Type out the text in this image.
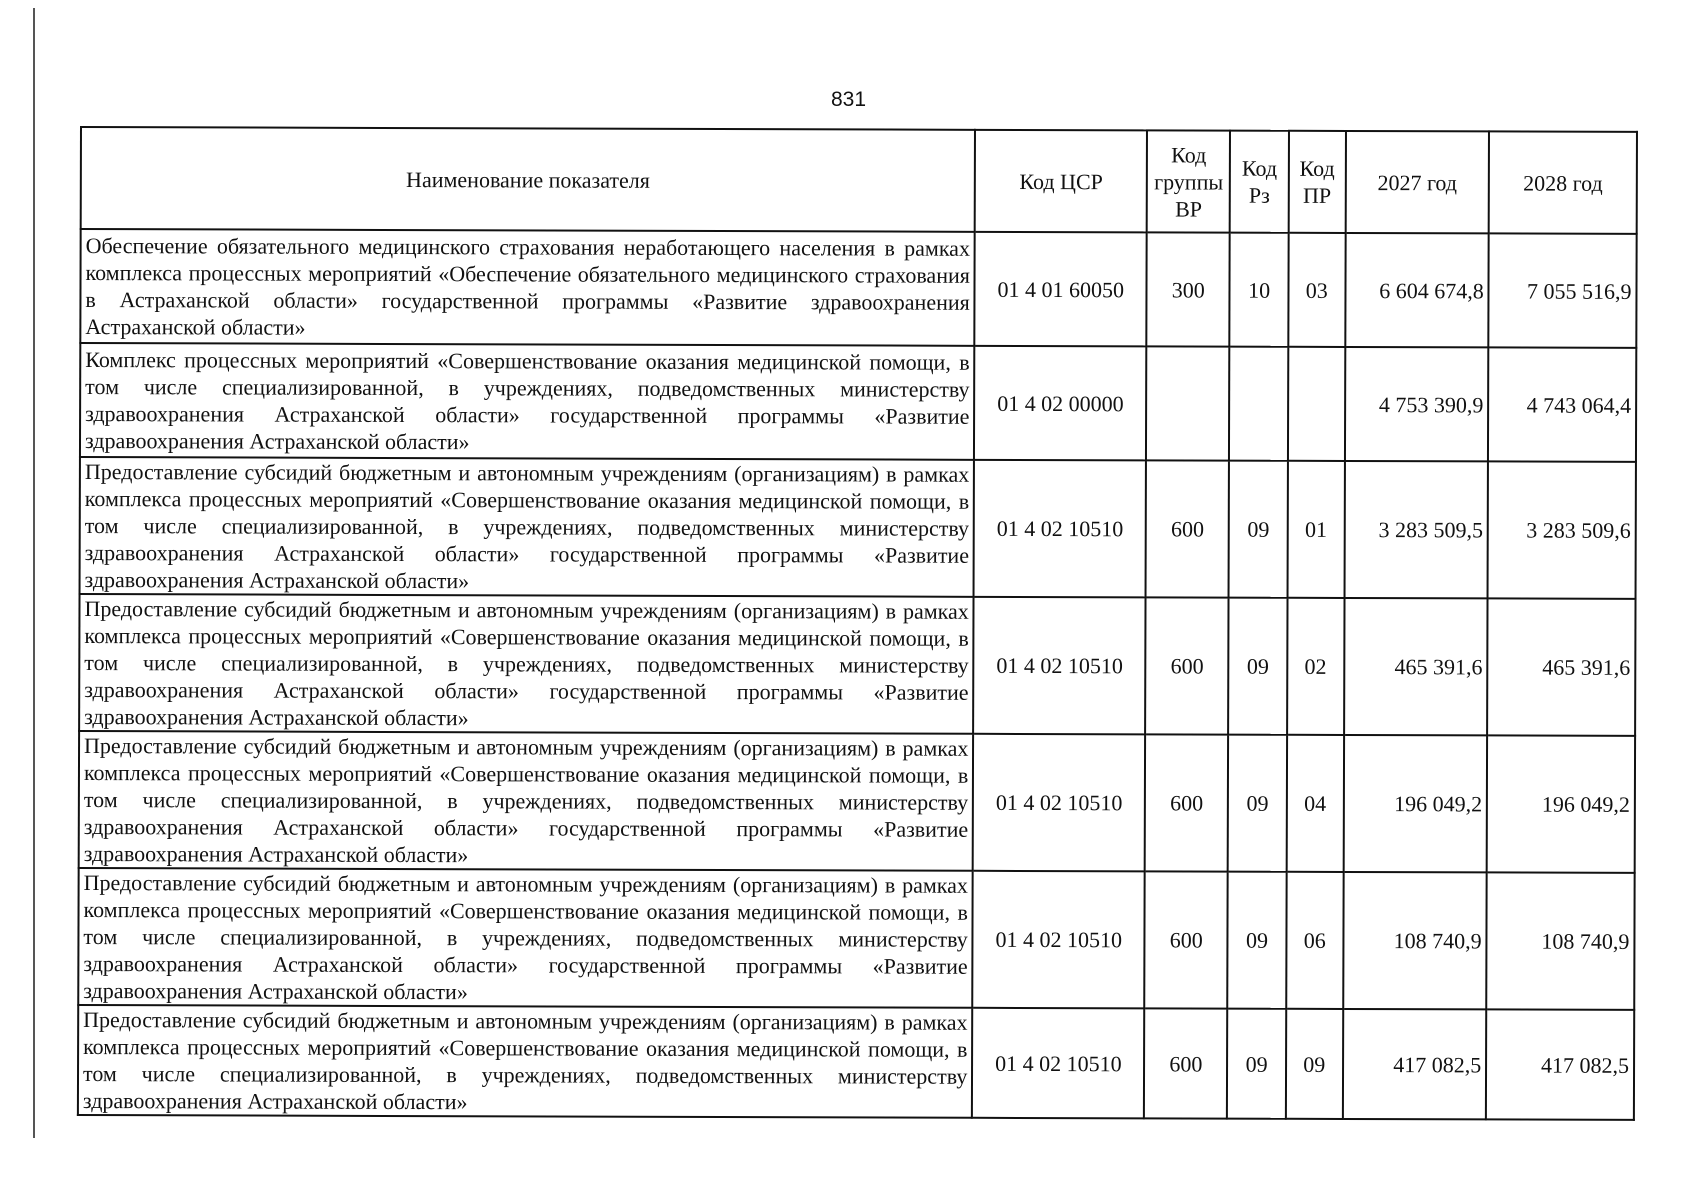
831
Наименование показателя	Код ЦСР	Код группы ВР	Код Рз	Код ПР	2027 год	2028 год
Обеспечение обязательного медицинского страхования неработающего населения в рамках комплекса процессных мероприятий «Обеспечение обязательного медицинского страхования в Астраханской области» государственной программы «Развитие здравоохранения Астраханской области»	01 4 01 60050	300	10	03	6 604 674,8	7 055 516,9
Комплекс процессных мероприятий «Совершенствование оказания медицинской помощи, в том числе специализированной, в учреждениях, подведомственных министерству здравоохранения Астраханской области» государственной программы «Развитие здравоохранения Астраханской области»	01 4 02 00000				4 753 390,9	4 743 064,4
Предоставление субсидий бюджетным и автономным учреждениям (организациям) в рамках комплекса процессных мероприятий «Совершенствование оказания медицинской помощи, в том числе специализированной, в учреждениях, подведомственных министерству здравоохранения Астраханской области» государственной программы «Развитие здравоохранения Астраханской области»	01 4 02 10510	600	09	01	3 283 509,5	3 283 509,6
Предоставление субсидий бюджетным и автономным учреждениям (организациям) в рамках комплекса процессных мероприятий «Совершенствование оказания медицинской помощи, в том числе специализированной, в учреждениях, подведомственных министерству здравоохранения Астраханской области» государственной программы «Развитие здравоохранения Астраханской области»	01 4 02 10510	600	09	02	465 391,6	465 391,6
Предоставление субсидий бюджетным и автономным учреждениям (организациям) в рамках комплекса процессных мероприятий «Совершенствование оказания медицинской помощи, в том числе специализированной, в учреждениях, подведомственных министерству здравоохранения Астраханской области» государственной программы «Развитие здравоохранения Астраханской области»	01 4 02 10510	600	09	04	196 049,2	196 049,2
Предоставление субсидий бюджетным и автономным учреждениям (организациям) в рамках комплекса процессных мероприятий «Совершенствование оказания медицинской помощи, в том числе специализированной, в учреждениях, подведомственных министерству здравоохранения Астраханской области» государственной программы «Развитие здравоохранения Астраханской области»	01 4 02 10510	600	09	06	108 740,9	108 740,9
Предоставление субсидий бюджетным и автономным учреждениям (организациям) в рамках комплекса процессных мероприятий «Совершенствование оказания медицинской помощи, в том числе специализированной, в учреждениях, подведомственных министерству здравоохранения Астраханской области»	01 4 02 10510	600	09	09	417 082,5	417 082,5
